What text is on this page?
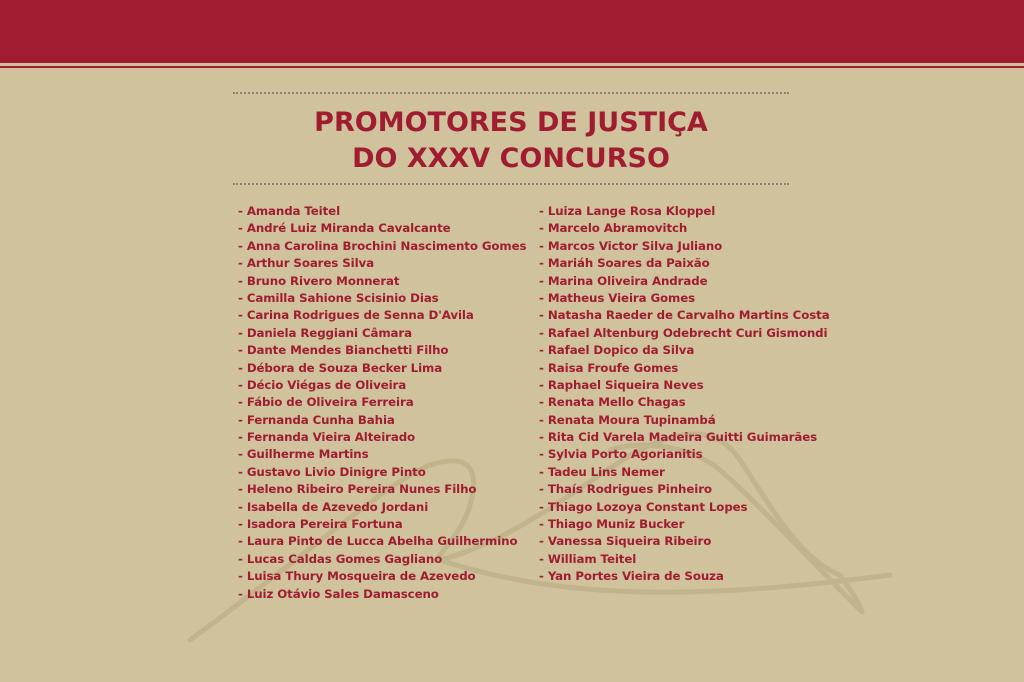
PROMOTORES DE JUSTIÇA
DO XXXV CONCURSO
- Amanda Teitel
- André Luiz Miranda Cavalcante
- Anna Carolina Brochini Nascimento Gomes
- Arthur Soares Silva
- Bruno Rivero Monnerat
- Camilla Sahione Scisinio Dias
- Carina Rodrigues de Senna D'Avila
- Daniela Reggiani Câmara
- Dante Mendes Bianchetti Filho
- Débora de Souza Becker Lima
- Décio Viégas de Oliveira
- Fábio de Oliveira Ferreira
- Fernanda Cunha Bahia
- Fernanda Vieira Alteirado
- Guilherme Martins
- Gustavo Livio Dinigre Pinto
- Heleno Ribeiro Pereira Nunes Filho
- Isabella de Azevedo Jordani
- Isadora Pereira Fortuna
- Laura Pinto de Lucca Abelha Guilhermino
- Lucas Caldas Gomes Gagliano
- Luisa Thury Mosqueira de Azevedo
- Luiz Otávio Sales Damasceno
- Luiza Lange Rosa Kloppel
- Marcelo Abramovitch
- Marcos Victor Silva Juliano
- Mariáh Soares da Paixão
- Marina Oliveira Andrade
- Matheus Vieira Gomes
- Natasha Raeder de Carvalho Martins Costa
- Rafael Altenburg Odebrecht Curi Gismondi
- Rafael Dopico da Silva
- Raisa Froufe Gomes
- Raphael Siqueira Neves
- Renata Mello Chagas
- Renata Moura Tupinambá
- Rita Cid Varela Madeira Guitti Guimarães
- Sylvia Porto Agorianitis
- Tadeu Lins Nemer
- Thaís Rodrigues Pinheiro
- Thiago Lozoya Constant Lopes
- Thiago Muniz Bucker
- Vanessa Siqueira Ribeiro
- William Teitel
- Yan Portes Vieira de Souza
